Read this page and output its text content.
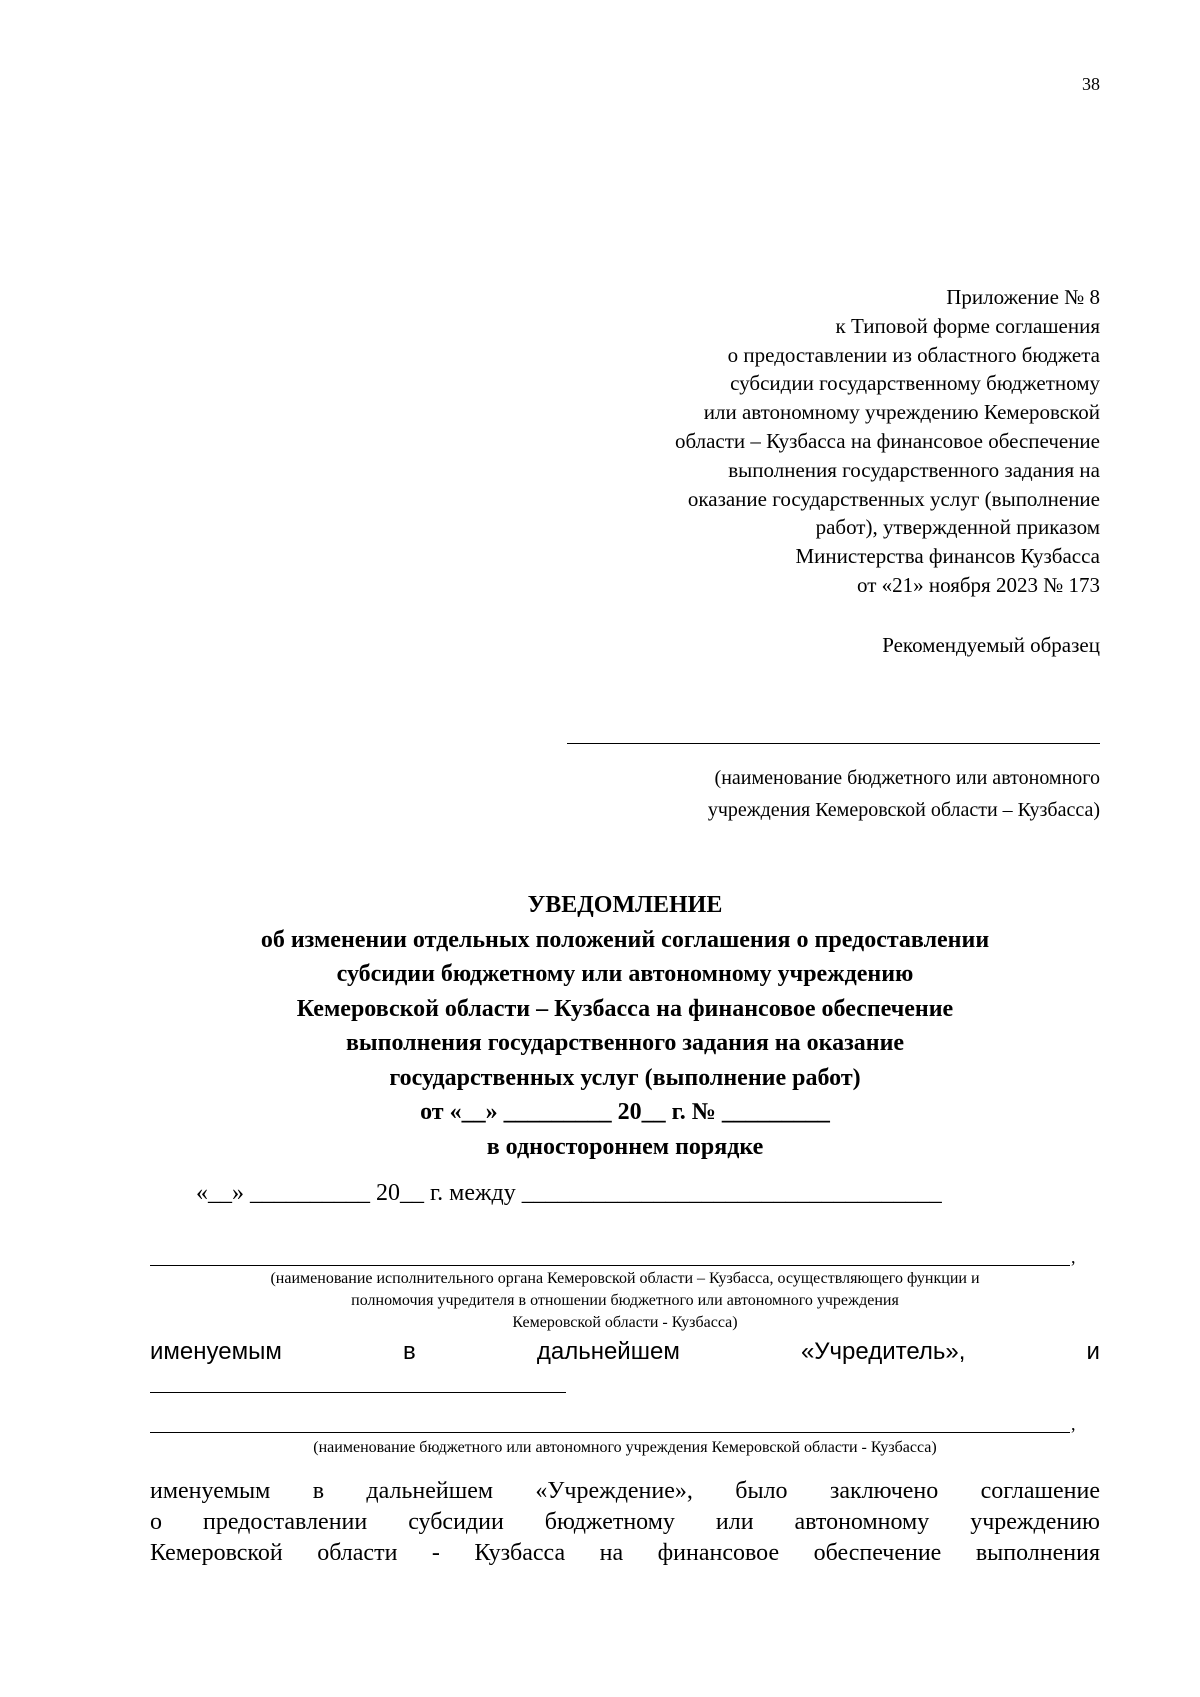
38
Приложение № 8
к Типовой форме соглашения
о предоставлении из областного бюджета
субсидии государственному бюджетному
или автономному учреждению Кемеровской
области – Кузбасса на финансовое обеспечение
выполнения государственного задания на
оказание государственных услуг (выполнение
работ), утвержденной приказом
Министерства финансов Кузбасса
от «21» ноября 2023 № 173
Рекомендуемый образец
(наименование бюджетного или автономного
учреждения Кемеровской области – Кузбасса)
УВЕДОМЛЕНИЕ
об изменении отдельных положений соглашения о предоставлении
субсидии бюджетному или автономному учреждению
Кемеровской области – Кузбасса на финансовое обеспечение
выполнения государственного задания на оказание
государственных услуг (выполнение работ)
от «__» _________ 20__ г. № _________
в одностороннем порядке
«__» __________ 20__ г. между ___________________________________
,
(наименование исполнительного органа Кемеровской области – Кузбасса, осуществляющего функции и
полномочия учредителя в отношении бюджетного или автономного учреждения
Кемеровской области - Кузбасса)
именуемым	в	дальнейшем	«Учредитель»,	и
,
(наименование бюджетного или автономного учреждения Кемеровской области - Кузбасса)
именуемым в дальнейшем «Учреждение», было заключено соглашение
о предоставлении субсидии бюджетному или автономному учреждению
Кемеровской области - Кузбасса на финансовое обеспечение выполнения
